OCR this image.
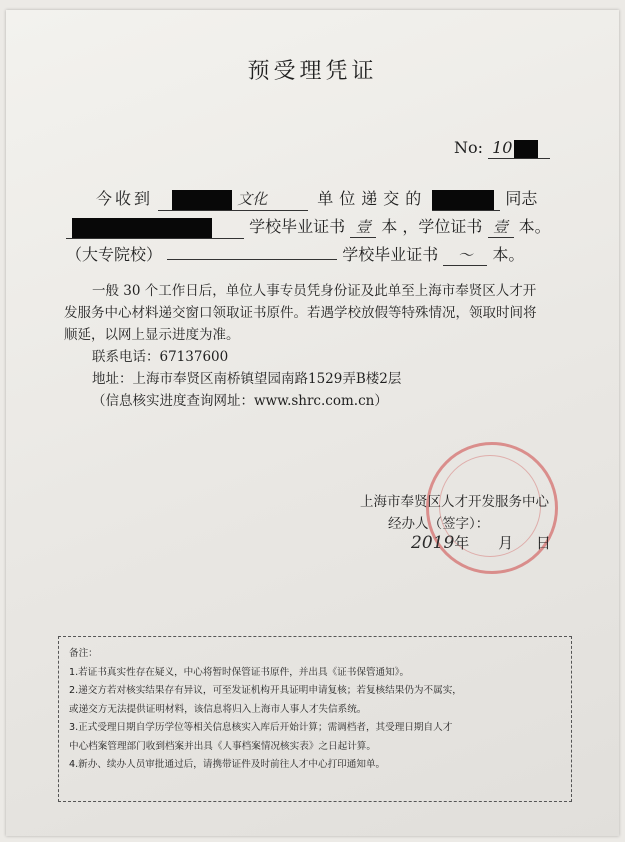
预受理凭证
No: 10
今收到	文化	单位递交的	同志
学校毕业证书 壹 本 ，学位证书 壹 本。
（大专院校）	学校毕业证书 ～ 本。

一般 30 个工作日后，单位人事专员凭身份证及此单至上海市奉贤区人才开

发服务中心材料递交窗口领取证书原件。若遇学校放假等特殊情况，领取时间将

顺延，以网上显示进度为准。

联系电话：67137600

地址：上海市奉贤区南桥镇望园南路1529弄B楼2层

（信息核实进度查询网址：www.shrc.com.cn）

上海市奉贤区人才开发服务中心
经办人（签字）：
2019年 月 日
备注：
1.若证书真实性存在疑义，中心将暂时保管证书原件，并出具《证书保管通知》。
2.递交方若对核实结果存有异议，可至发证机构开具证明申请复核；若复核结果仍为不属实，
或递交方无法提供证明材料，该信息将归入上海市人事人才失信系统。
3.正式受理日期自学历学位等相关信息核实入库后开始计算；需调档者，其受理日期自人才
中心档案管理部门收到档案并出具《人事档案情况核实表》之日起计算。
4.新办、续办人员审批通过后，请携带证件及时前往人才中心打印通知单。
